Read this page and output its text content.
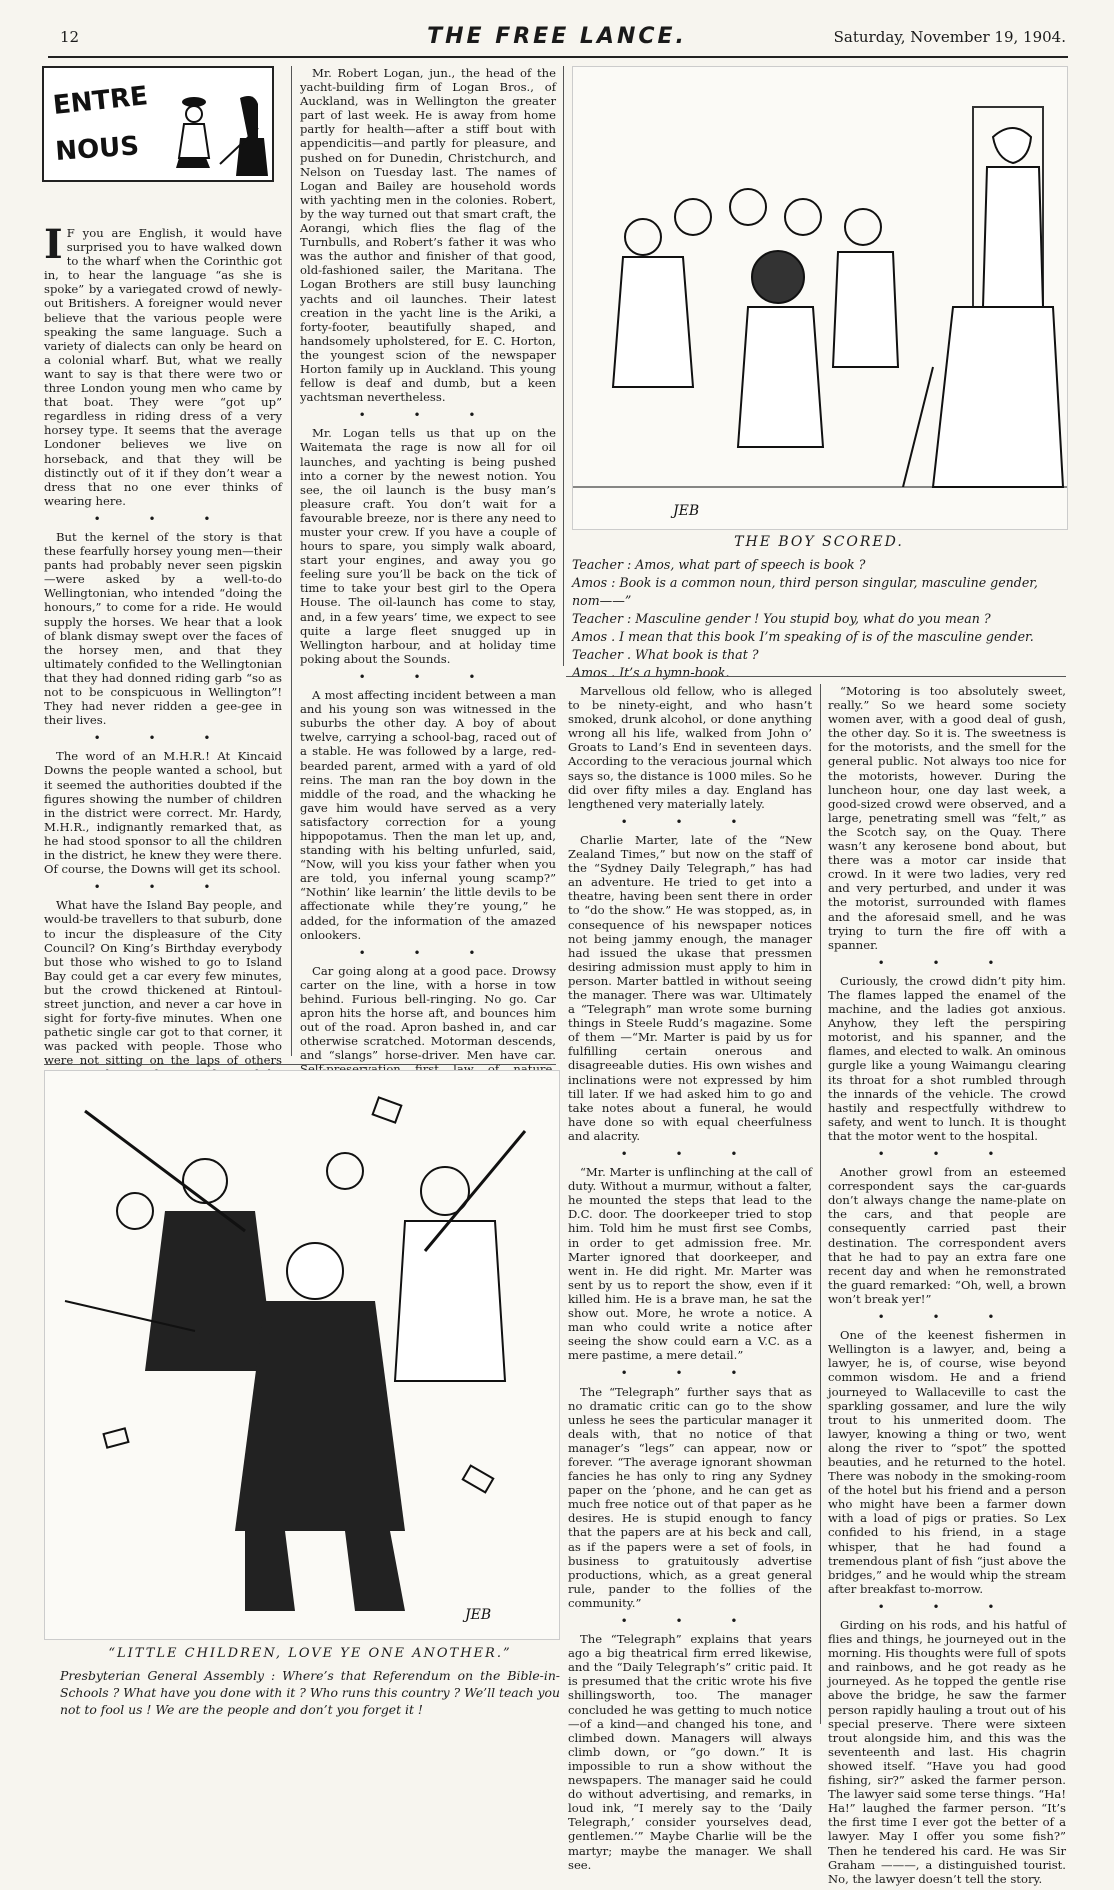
12	THE FREE LANCE.	Saturday, November 19, 1904.
ENTRE
NOUS

I F you are English, it would have surprised you to have walked down to the wharf when the Corinthic got in, to hear the language “as she is spoke” by a variegated crowd of newly-out Britishers. A foreigner would never believe that the various people were speaking the same language. Such a variety of dialects can only be heard on a colonial wharf. But, what we really want to say is that there were two or three London young men who came by that boat. They were “got up” regardless in riding dress of a very horsey type. It seems that the average Londoner believes we live on horseback, and that they will be distinctly out of it if they don’t wear a dress that no one ever thinks of wearing here.

• • •

But the kernel of the story is that these fearfully horsey young men—their pants had probably never seen pigskin—were asked by a well-to-do Wellingtonian, who intended “doing the honours,” to come for a ride. He would supply the horses. We hear that a look of blank dismay swept over the faces of the horsey men, and that they ultimately confided to the Wellingtonian that they had donned riding garb “so as not to be conspicuous in Wellington”! They had never ridden a gee-gee in their lives.

• • •

The word of an M.H.R.! At Kincaid Downs the people wanted a school, but it seemed the authorities doubted if the figures showing the number of children in the district were correct. Mr. Hardy, M.H.R., indignantly remarked that, as he had stood sponsor to all the children in the district, he knew they were there. Of course, the Downs will get its school.

• • •

What have the Island Bay people, and would-be travellers to that suburb, done to incur the displeasure of the City Council? On King’s Birthday everybody but those who wished to go to Island Bay could get a car every few minutes, but the crowd thickened at Rintoul-street junction, and never a car hove in sight for forty-five minutes. When one pathetic single car got to that corner, it was packed with people. Those who were not sitting on the laps of others

Mr. Robert Logan, jun., the head of the yacht-building firm of Logan Bros., of Auckland, was in Wellington the greater part of last week. He is away from home partly for health—after a stiff bout with appendicitis—and partly for pleasure, and pushed on for Dunedin, Christchurch, and Nelson on Tuesday last. The names of Logan and Bailey are household words with yachting men in the colonies. Robert, by the way turned out that smart craft, the Aorangi, which flies the flag of the Turnbulls, and Robert’s father it was who was the author and finisher of that good, old-fashioned sailer, the Maritana. The Logan Brothers are still busy launching yachts and oil launches. Their latest creation in the yacht line is the Ariki, a forty-footer, beautifully shaped, and handsomely upholstered, for E. C. Horton, the youngest scion of the newspaper Horton family up in Auckland. This young fellow is deaf and dumb, but a keen yachtsman nevertheless.

• • •

Mr. Logan tells us that up on the Waitemata the rage is now all for oil launches, and yachting is being pushed into a corner by the newest notion. You see, the oil launch is the busy man’s pleasure craft. You don’t wait for a favourable breeze, nor is there any need to muster your crew. If you have a couple of hours to spare, you simply walk aboard, start your engines, and away you go feeling sure you’ll be back on the tick of time to take your best girl to the Opera House. The oil-launch has come to stay, and, in a few years’ time, we expect to see quite a large fleet snugged up in Wellington harbour, and at holiday time poking about the Sounds.

• • •

A most affecting incident between a man and his young son was witnessed in the suburbs the other day. A boy of about twelve, carrying a school-bag, raced out of a stable. He was followed by a large, red-bearded parent, armed with a yard of old reins. The man ran the boy down in the middle of the road, and the whacking he gave him would have served as a very satisfactory correction for a young hippopotamus. Then the man let up, and, standing with his belting unfurled, said, “Now, will you kiss your father when you are told, you infernal young scamp?” “Nothin’ like learnin’ the little devils to be affectionate while they’re young,” he added, for the information of the amazed onlookers.

• • •

Car going along at a good pace. Drowsy carter on the line, with a horse in tow behind. Furious bell-ringing. No go. Car apron hits the horse aft, and bounces him out of the road. Apron bashed in, and car otherwise scratched. Motorman descends, and “slangs” horse-driver. Men have car.

JEB
THE BOY SCORED.
Teacher : Amos, what part of speech is book ?
Amos : Book is a common noun, third person singular, masculine gender, nom——”
Teacher : Masculine gender ! You stupid boy, what do you mean ?
Amos . I mean that this book I’m speaking of is of the masculine gender.
Teacher . What book is that ?
Amos . It’s a hymn-book.

Marvellous old fellow, who is alleged to be ninety-eight, and who hasn’t smoked, drunk alcohol, or done anything wrong all his life, walked from John o’ Groats to Land’s End in seventeen days. According to the veracious journal which says so, the distance is 1000 miles. So he did over fifty miles a day. England has lengthened very materially lately.

• • •

Charlie Marter, late of the “New Zealand Times,” but now on the staff of the “Sydney Daily Telegraph,” has had an adventure. He tried to get into a theatre, having been sent there in order to “do the show.” He was stopped, as, in consequence of his newspaper notices not being jammy enough, the manager had issued the ukase that pressmen desiring admission must apply to him in person. Marter battled in without seeing the manager. There was war. Ultimately a “Telegraph” man wrote some burning things in Steele Rudd’s magazine. Some of them —“Mr. Marter is paid by us for fulfilling certain onerous and disagreeable duties. His own wishes and inclinations were not expressed by him till later. If we had asked him to go and take notes about a funeral, he would have done so with equal cheerfulness and alacrity.

• • •

“Mr. Marter is unflinching at the call of duty. Without a murmur, without a falter, he mounted the steps that lead to the D.C. door. The doorkeeper tried to stop him. Told him he must first see Combs, in order to get admission free. Mr. Marter ignored that doorkeeper, and went in. He did right. Mr. Marter was sent by us to report the show, even if it killed him. He is a brave man, he sat the show out. More, he wrote a notice. A man who could write a notice after seeing the show could earn a V.C. as a mere pastime, a mere detail.”

• • •

The “Telegraph” further says that as no dramatic critic can go to the show unless he sees the particular manager it deals with, that no notice of that manager’s “legs” can appear, now or forever. “The average ignorant showman fancies he has only to ring any Sydney paper on the ’phone, and he can get as much free notice out of that paper as he desires. He is stupid enough to fancy that the papers are at his beck and call, as if the papers were a set of fools, in business to gratuitously advertise productions, which, as a great general rule, pander to the follies of the community.”

• • •

The “Telegraph” explains that years ago a big theatrical firm erred likewise, and the “Daily Telegraph’s” critic paid. It is presumed that the critic wrote his five shillingsworth, too. The manager concluded he was getting to much notice—of a kind—and changed his tone, and climbed down. Managers will always climb down, or “go down.” It is impossible to run a show without the newspapers. The manager said he could do without advertising, and remarks, in loud ink, “I merely say to the ‘Daily Telegraph,’ consider yourselves dead, gentlemen.’” Maybe Charlie will be the martyr; maybe the manager. We shall see.

“Motoring is too absolutely sweet, really.” So we heard some society women aver, with a good deal of gush, the other day. So it is. The sweetness is for the motorists, and the smell for the general public. Not always too nice for the motorists, however. During the luncheon hour, one day last week, a good-sized crowd were observed, and a large, penetrating smell was “felt,” as the Scotch say, on the Quay. There wasn’t any kerosene bond about, but there was a motor car inside that crowd. In it were two ladies, very red and very perturbed, and under it was the motorist, surrounded with flames and the aforesaid smell, and he was trying to turn the fire off with a spanner.

• • •

Curiously, the crowd didn’t pity him. The flames lapped the enamel of the machine, and the ladies got anxious. Anyhow, they left the perspiring motorist, and his spanner, and the flames, and elected to walk. An ominous gurgle like a young Waimangu clearing its throat for a shot rumbled through the innards of the vehicle. The crowd hastily and respectfully withdrew to safety, and went to lunch. It is thought that the motor went to the hospital.

• • •

Another growl from an esteemed correspondent says the car-guards don’t always change the name-plate on the cars, and that people are consequently carried past their destination. The correspondent avers that he had to pay an extra fare one recent day and when he remonstrated the guard remarked: “Oh, well, a brown won’t break yer!”

• • •

One of the keenest fishermen in Wellington is a lawyer, and, being a lawyer, he is, of course, wise beyond common wisdom. He and a friend journeyed to Wallaceville to cast the sparkling gossamer, and lure the wily trout to his unmerited doom. The lawyer, knowing a thing or two, went along the river to “spot” the spotted beauties, and he returned to the hotel. There was nobody in the smoking-room of the hotel but his friend and a person who might have been a farmer down with a load of pigs or praties. So Lex confided to his friend, in a stage whisper, that he had found a tremendous plant of fish “just above the bridges,” and he would whip the stream after breakfast to-morrow.

• • •

Girding on his rods, and his hatful of flies and things, he journeyed out in the morning. His thoughts were full of spots and rainbows, and he got ready as he journeyed. As he topped the gentle rise above the bridge, he saw the farmer person rapidly hauling a trout out of his special preserve. There were sixteen trout alongside him, and this was the seventeenth and last. His chagrin showed itself. “Have you had good fishing, sir?” asked the farmer person. The lawyer said some terse things. “Ha! Ha!” laughed the farmer person. “It’s the first time I ever got the better of a lawyer. May I offer you some fish?” Then he tendered his card. He was Sir Graham ———, a distinguished tourist. No, the lawyer doesn’t tell the story.

JEB
“LITTLE CHILDREN, LOVE YE ONE ANOTHER.”
Presbyterian General Assembly : Where’s that Referendum on the Bible-in-Schools ? What have you done with it ? Who runs this country ? We’ll teach you not to fool us ! We are the people and don’t you forget it !
